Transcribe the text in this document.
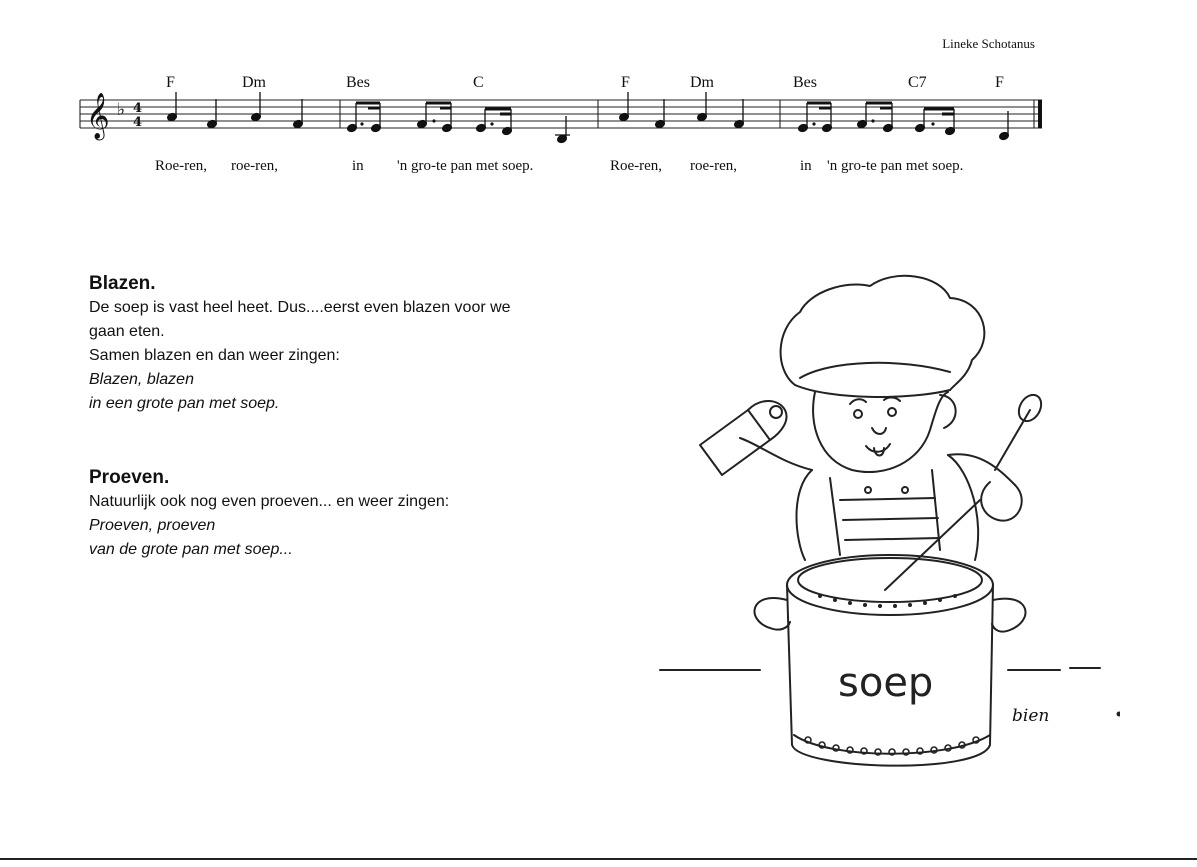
Lineke Schotanus
F	Dm	Bes	C	F	Dm	Bes	C7	F
𝄞 ♭ 4
4
Roe-ren, roe-ren,	in 'n gro-te pan met soep.	Roe-ren, roe-ren,	in 'n gro-te pan met soep.
Blazen.

De soep is vast heel heet. Dus....eerst even blazen voor we

gaan eten.

Samen blazen en dan weer zingen:

Blazen, blazen

in een grote pan met soep.

Proeven.

Natuurlijk ook nog even proeven... en weer zingen:

Proeven, proeven

van de grote pan met soep...

soep
bien
